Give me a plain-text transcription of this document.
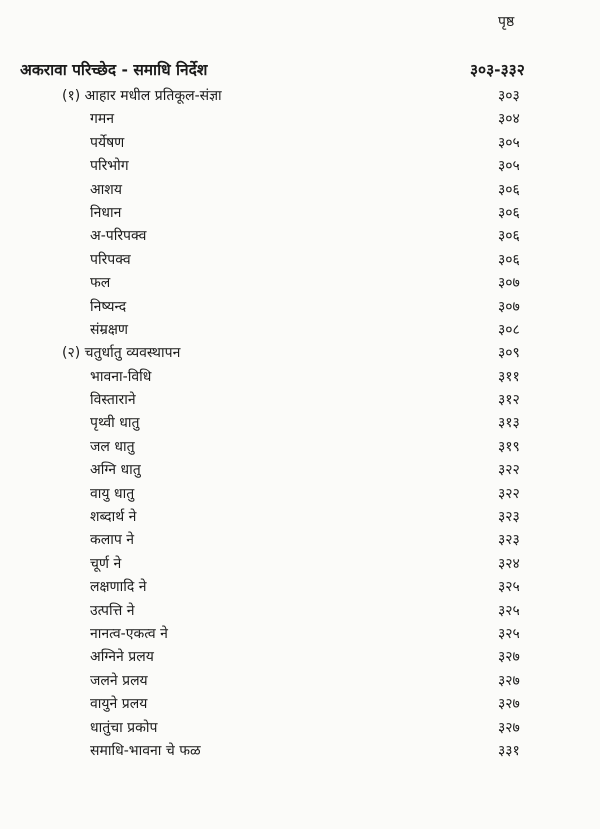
पृष्ठ
अकरावा परिच्छेद - समाधि निर्देश	३०३-३३२
(१) आहार मधील प्रतिकूल-संज्ञा	३०३
गमन	३०४
पर्येषण	३०५
परिभोग	३०५
आशय	३०६
निधान	३०६
अ-परिपक्व	३०६
परिपक्व	३०६
फल	३०७
निष्यन्द	३०७
संम्रक्षण	३०८
(२) चतुर्धातु व्यवस्थापन	३०९
भावना-विधि	३११
विस्ताराने	३१२
पृथ्वी धातु	३१३
जल धातु	३१९
अग्नि धातु	३२२
वायु धातु	३२२
शब्दार्थ ने	३२३
कलाप ने	३२३
चूर्ण ने	३२४
लक्षणादि ने	३२५
उत्पत्ति ने	३२५
नानत्व-एकत्व ने	३२५
अग्निने प्रलय	३२७
जलने प्रलय	३२७
वायुने प्रलय	३२७
धातुंचा प्रकोप	३२७
समाधि-भावना चे फळ	३३१
